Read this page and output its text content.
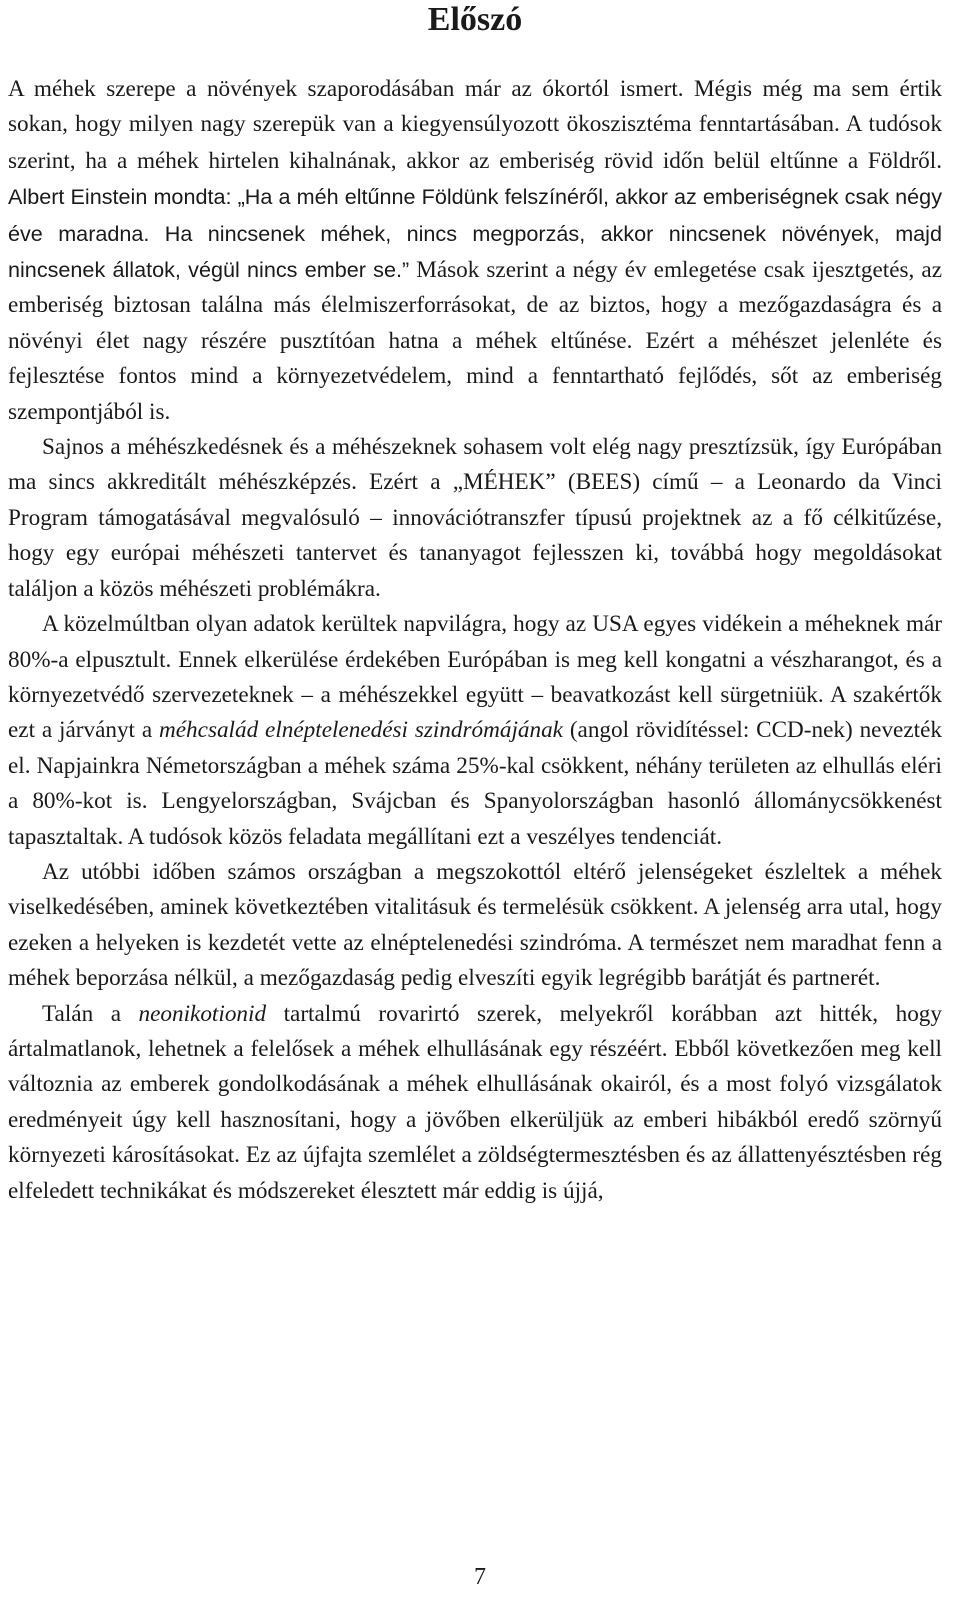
Előszó

A méhek szerepe a növények szaporodásában már az ókortól ismert. Mégis még ma sem értik sokan, hogy milyen nagy szerepük van a kiegyensúlyozott ökoszisztéma fenntartásában. A tudósok szerint, ha a méhek hirtelen kihalnának, akkor az emberiség rövid időn belül eltűnne a Földről. Albert Einstein mondta: „Ha a méh eltűnne Földünk felszínéről, akkor az emberiségnek csak négy éve maradna. Ha nincsenek méhek, nincs megporzás, akkor nincsenek növények, majd nincsenek állatok, végül nincs ember se.” Mások szerint a négy év emlegetése csak ijesztgetés, az emberiség biztosan találna más élelmiszerforrásokat, de az biztos, hogy a mezőgazdaságra és a növényi élet nagy részére pusztítóan hatna a méhek eltűnése. Ezért a méhészet jelenléte és fejlesztése fontos mind a környezetvédelem, mind a fenntartható fejlődés, sőt az emberiség szempontjából is.

Sajnos a méhészkedésnek és a méhészeknek sohasem volt elég nagy presztízsük, így Európában ma sincs akkreditált méhészképzés. Ezért a „MÉHEK” (BEES) című – a Leonardo da Vinci Program támogatásával megvalósuló – innovációtranszfer típusú projektnek az a fő célkitűzése, hogy egy európai méhészeti tantervet és tananyagot fejlesszen ki, továbbá hogy megoldásokat találjon a közös méhészeti problémákra.

A közelmúltban olyan adatok kerültek napvilágra, hogy az USA egyes vidékein a méheknek már 80%-a elpusztult. Ennek elkerülése érdekében Európában is meg kell kongatni a vészharangot, és a környezetvédő szervezeteknek – a méhészekkel együtt – beavatkozást kell sürgetniük. A szakértők ezt a járványt a méhcsalád elnéptelenedési szindrómájának (angol rövidítéssel: CCD-nek) nevezték el. Napjainkra Németországban a méhek száma 25%-kal csökkent, néhány területen az elhullás eléri a 80%-kot is. Lengyelországban, Svájcban és Spanyolországban hasonló állománycsökkenést tapasztaltak. A tudósok közös feladata megállítani ezt a veszélyes tendenciát.

Az utóbbi időben számos országban a megszokottól eltérő jelenségeket észleltek a méhek viselkedésében, aminek következtében vitalitásuk és termelésük csökkent. A jelenség arra utal, hogy ezeken a helyeken is kezdetét vette az elnéptelenedési szindróma. A természet nem maradhat fenn a méhek beporzása nélkül, a mezőgazdaság pedig elveszíti egyik legrégibb barátját és partnerét.

Talán a neonikotionid tartalmú rovarirtó szerek, melyekről korábban azt hitték, hogy ártalmatlanok, lehetnek a felelősek a méhek elhullásának egy részéért. Ebből következően meg kell változnia az emberek gondolkodásának a méhek elhullásának okairól, és a most folyó vizsgálatok eredményeit úgy kell hasznosítani, hogy a jövőben elkerüljük az emberi hibákból eredő szörnyű környezeti károsításokat. Ez az újfajta szemlélet a zöldségtermesztésben és az állattenyésztésben rég elfeledett technikákat és módszereket élesztett már eddig is újjá,

7
